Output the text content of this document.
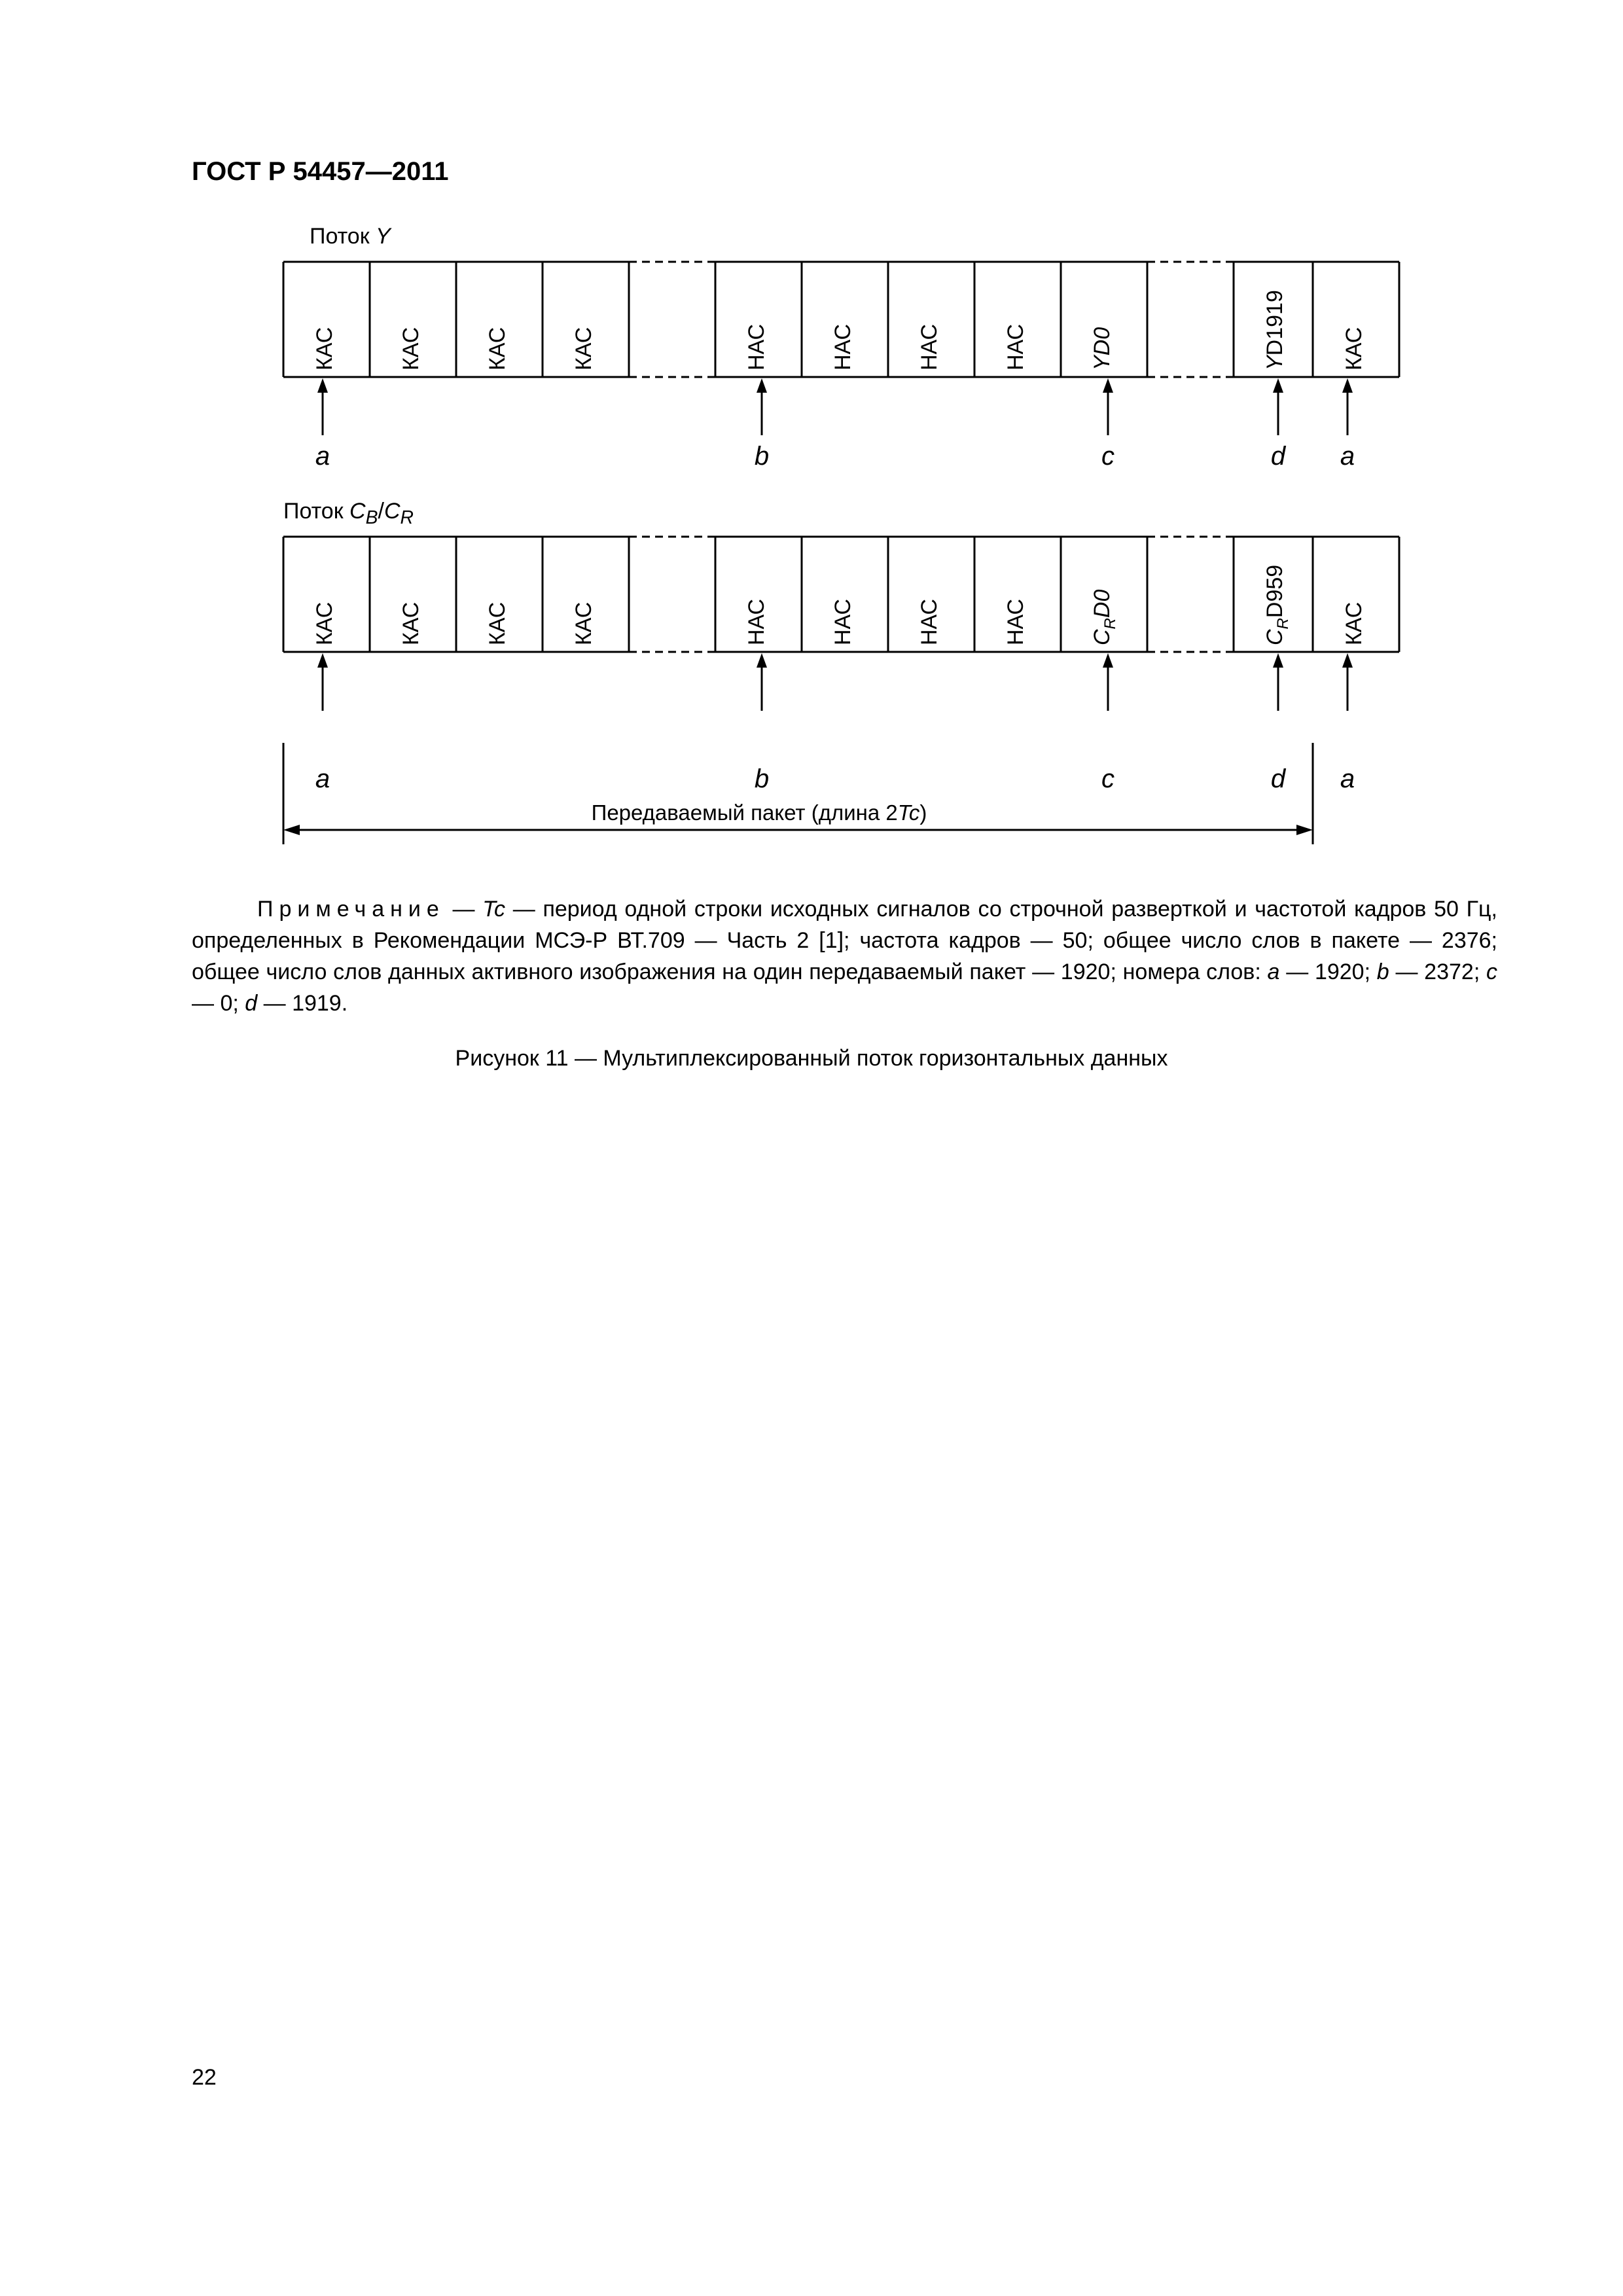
ГОСТ Р 54457—2011
Поток Y
Поток $C_B/C_R$
КАС	КАС	КАС	КАС	НАС	НАС	НАС	НАС	YD0
YD1919 КАС
a	b	c	d a
КАС	КАС	КАС	КАС	НАС	НАС	НАС	НАС	$C_RD0$
$C_RD959$
КАС
a	b	c	d a
Передаваемый пакет (длина 2Tc)
Примечание — Tc — период одной строки исходных сигналов со строчной разверткой и частотой кадров 50 Гц, определенных в Рекомендации МСЭ-Р ВТ.709 — Часть 2 [1]; частота кадров — 50; общее число слов в пакете — 2376; общее число слов данных активного изображения на один передаваемый пакет — 1920; номера слов: a — 1920; b — 2372; c — 0; d — 1919.
Рисунок 11 — Мультиплексированный поток горизонтальных данных
22
